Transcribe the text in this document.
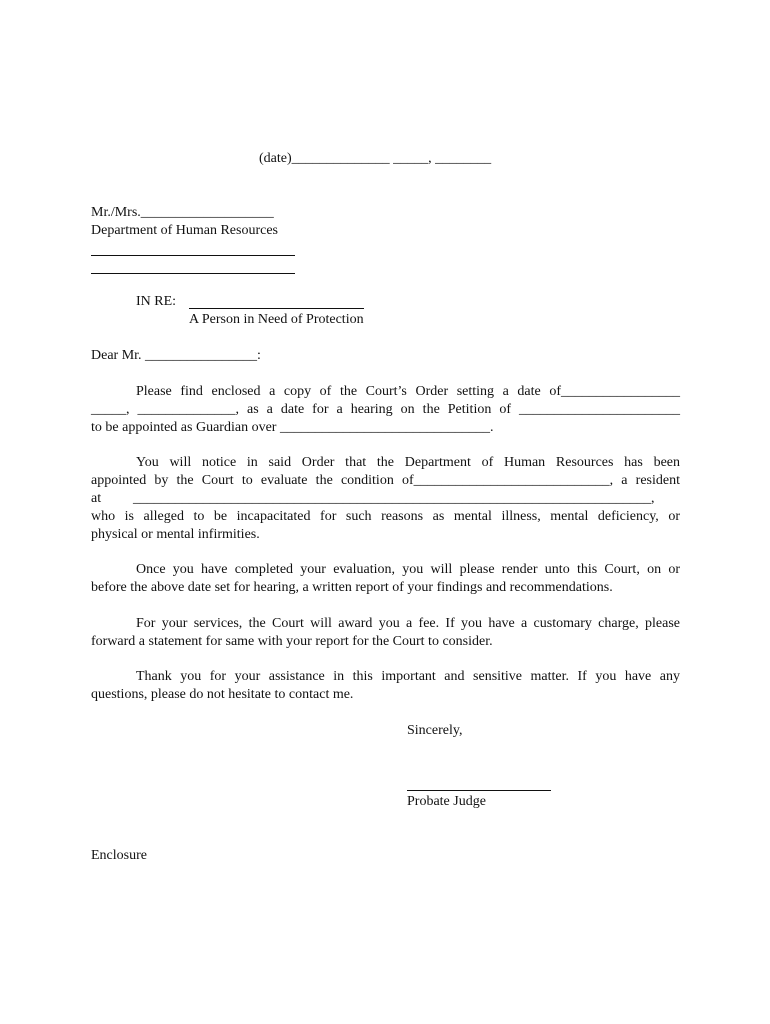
(date)______________ _____, ________
Mr./Mrs.___________________
Department of Human Resources
IN RE:
A Person in Need of Protection
Dear Mr. ________________:
Please find enclosed a copy of the Court’s Order setting a date of_________________
_____, ______________, as a date for a hearing on the Petition of _______________________
to be appointed as Guardian over ______________________________.
You will notice in said Order that the Department of Human Resources has been
appointed by the Court to evaluate the condition of____________________________, a resident
at __________________________________________________________________________,
who is alleged to be incapacitated for such reasons as mental illness, mental deficiency, or
physical or mental infirmities.
Once you have completed your evaluation, you will please render unto this Court, on or
before the above date set for hearing, a written report of your findings and recommendations.
For your services, the Court will award you a fee. If you have a customary charge, please
forward a statement for same with your report for the Court to consider.
Thank you for your assistance in this important and sensitive matter. If you have any
questions, please do not hesitate to contact me.
Sincerely,
Probate Judge
Enclosure
